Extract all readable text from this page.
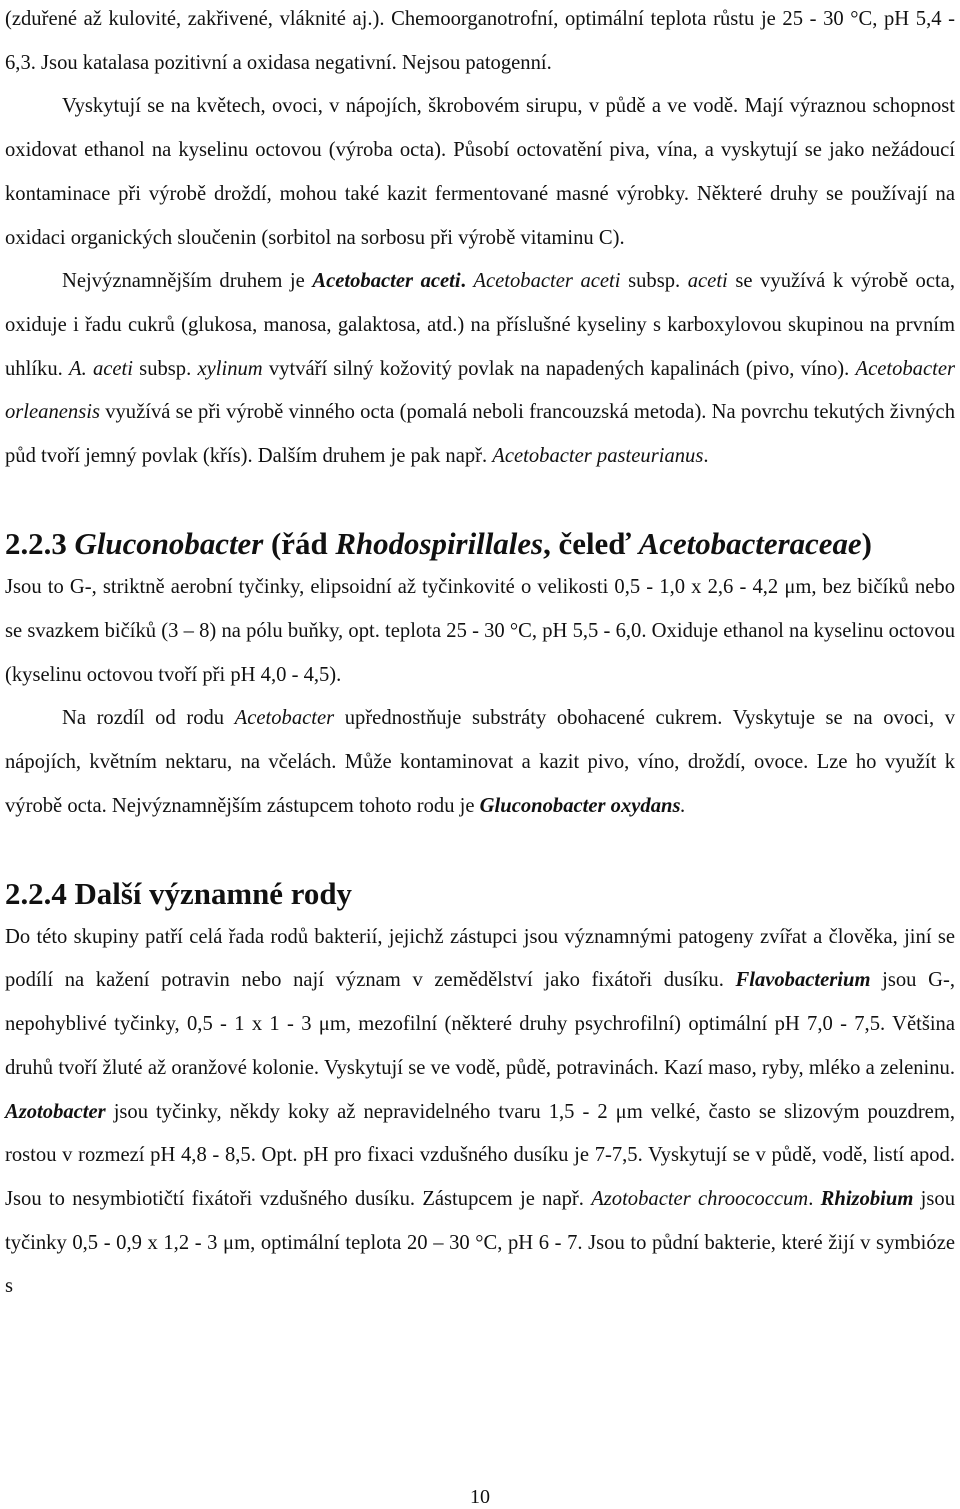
(zduřené až kulovité, zakřivené, vláknité aj.). Chemoorganotrofní, optimální teplota růstu je 25 - 30 °C, pH 5,4 - 6,3. Jsou katalasa pozitivní a oxidasa negativní. Nejsou patogenní.

Vyskytují se na květech, ovoci, v nápojích, škrobovém sirupu, v půdě a ve vodě. Mají výraznou schopnost oxidovat ethanol na kyselinu octovou (výroba octa). Působí octovatění piva, vína, a vyskytují se jako nežádoucí kontaminace při výrobě droždí, mohou také kazit fermentované masné výrobky. Některé druhy se používají na oxidaci organických sloučenin (sorbitol na sorbosu při výrobě vitaminu C).

Nejvýznamnějším druhem je Acetobacter aceti. Acetobacter aceti subsp. aceti se využívá k výrobě octa, oxiduje i řadu cukrů (glukosa, manosa, galaktosa, atd.) na příslušné kyseliny s karboxylovou skupinou na prvním uhlíku. A. aceti subsp. xylinum vytváří silný kožovitý povlak na napadených kapalinách (pivo, víno). Acetobacter orleanensis využívá se při výrobě vinného octa (pomalá neboli francouzská metoda). Na povrchu tekutých živných půd tvoří jemný povlak (křís). Dalším druhem je pak např. Acetobacter pasteurianus.

2.2.3 Gluconobacter (řád Rhodospirillales, čeleď Acetobacteraceae)

Jsou to G-, striktně aerobní tyčinky, elipsoidní až tyčinkovité o velikosti 0,5 - 1,0 x 2,6 - 4,2 μm, bez bičíků nebo se svazkem bičíků (3 – 8) na pólu buňky, opt. teplota 25 - 30 °C, pH 5,5 - 6,0. Oxiduje ethanol na kyselinu octovou (kyselinu octovou tvoří při pH 4,0 - 4,5).

Na rozdíl od rodu Acetobacter upřednostňuje substráty obohacené cukrem. Vyskytuje se na ovoci, v nápojích, květním nektaru, na včelách. Může kontaminovat a kazit pivo, víno, droždí, ovoce. Lze ho využít k výrobě octa. Nejvýznamnějším zástupcem tohoto rodu je Gluconobacter oxydans.

2.2.4 Další významné rody

Do této skupiny patří celá řada rodů bakterií, jejichž zástupci jsou významnými patogeny zvířat a člověka, jiní se podílí na kažení potravin nebo nají význam v zemědělství jako fixátoři dusíku. Flavobacterium jsou G-, nepohyblivé tyčinky, 0,5 - 1 x 1 - 3 μm, mezofilní (některé druhy psychrofilní) optimální pH 7,0 - 7,5. Většina druhů tvoří žluté až oranžové kolonie. Vyskytují se ve vodě, půdě, potravinách. Kazí maso, ryby, mléko a zeleninu. Azotobacter jsou tyčinky, někdy koky až nepravidelného tvaru 1,5 - 2 μm velké, často se slizovým pouzdrem, rostou v rozmezí pH 4,8 - 8,5. Opt. pH pro fixaci vzdušného dusíku je 7-7,5. Vyskytují se v půdě, vodě, listí apod. Jsou to nesymbiotičtí fixátoři vzdušného dusíku. Zástupcem je např. Azotobacter chroococcum. Rhizobium jsou tyčinky 0,5 - 0,9 x 1,2 - 3 μm, optimální teplota 20 – 30 °C, pH 6 - 7. Jsou to půdní bakterie, které žijí v symbióze s

10
